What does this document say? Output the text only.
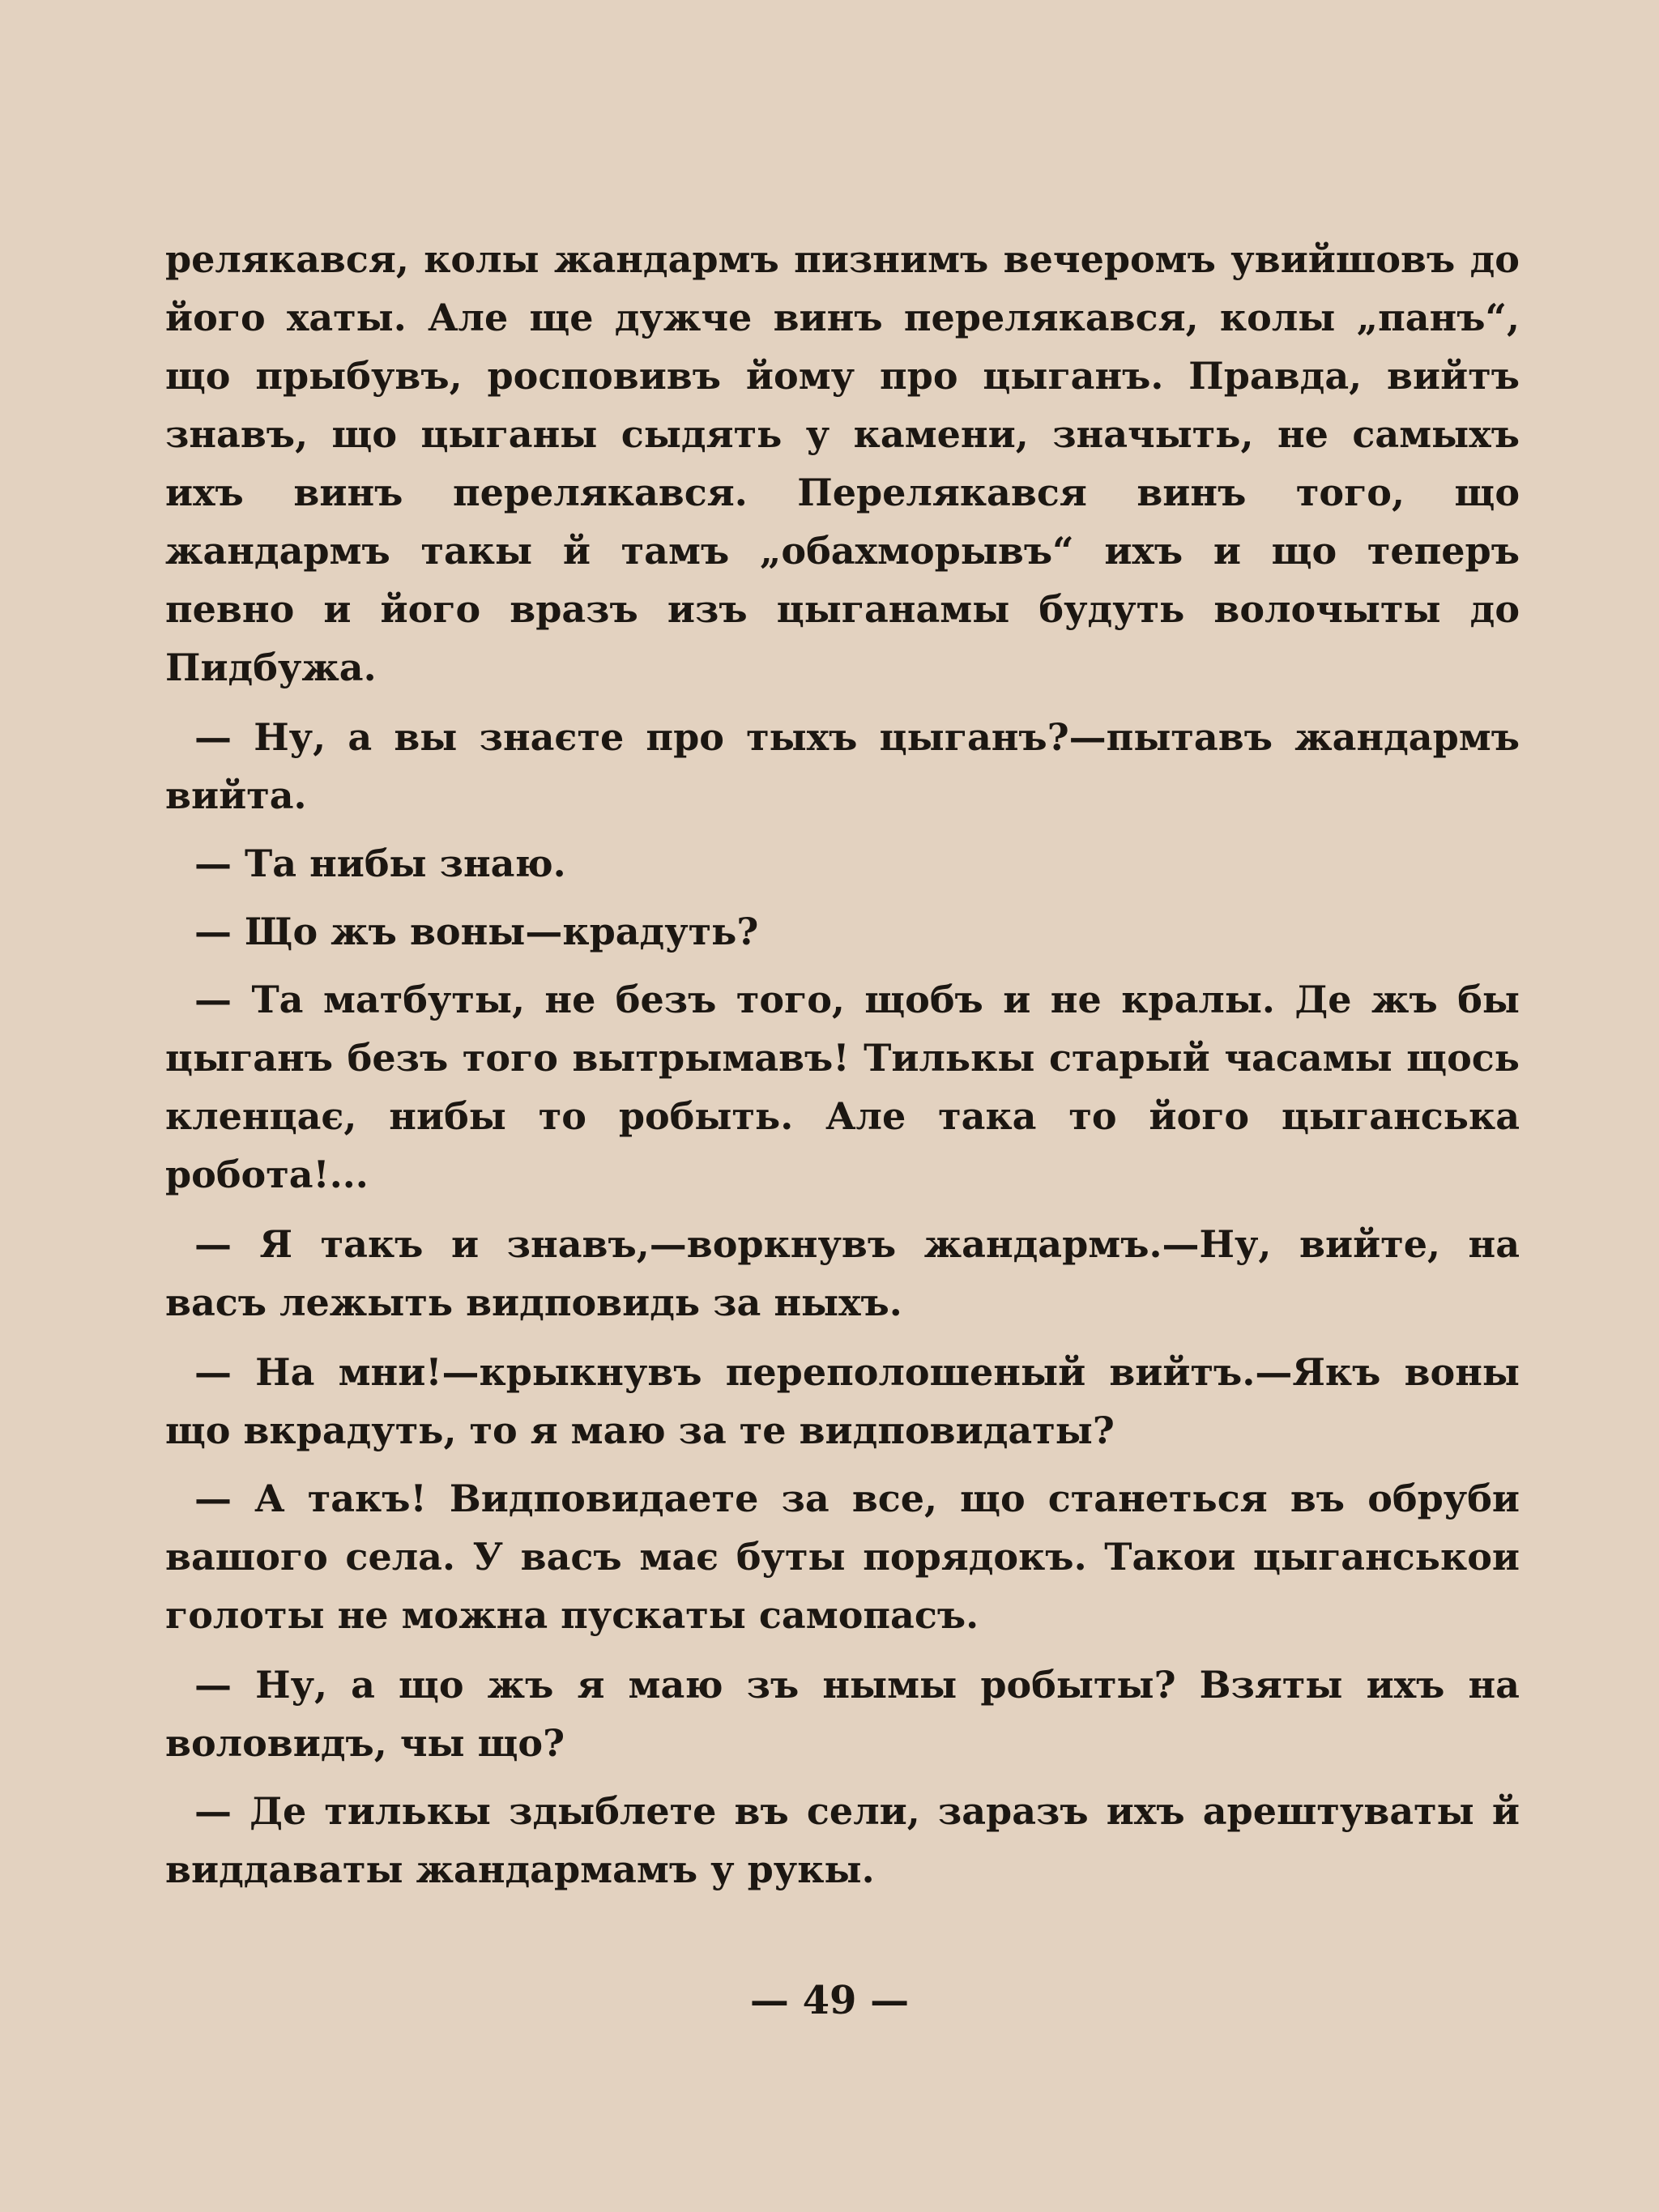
релякався, колы жандармъ пизнимъ вечеромъ увийшовъ до його хаты. Але ще дужче винъ перелякався, колы „панъ“, що прыбувъ, росповивъ йому про цыганъ. Правда, вийтъ знавъ, що цыганы сыдять у камени, значыть, не самыхъ ихъ винъ перелякався. Перелякався винъ того, що жандармъ такы й тамъ „обахморывъ“ ихъ и що теперъ певно и його вразъ изъ цыганамы будуть волочыты до Пидбужа.

— Ну, а вы знаєте про тыхъ цыганъ?—пытавъ жандармъ вийта.

— Та нибы знаю.

— Що жъ воны—крадуть?

— Та матбуты, не безъ того, щобъ и не кралы. Де жъ бы цыганъ безъ того вытрымавъ! Тилькы старый часамы щось кленцає, нибы то робыть. Але така то його цыганська робота!...

— Я такъ и знавъ,—воркнувъ жандармъ.—Ну, вийте, на васъ лежыть видповидь за ныхъ.

— На мни!—крыкнувъ переполошеный вийтъ.—Якъ воны що вкрадуть, то я маю за те видповидаты?

— А такъ! Видповидаете за все, що станеться въ обруби вашого села. У васъ має буты порядокъ. Такои цыганськои голоты не можна пускаты самопасъ.

— Ну, а що жъ я маю зъ нымы робыты? Взяты ихъ на воловидъ, чы що?

— Де тилькы здыблете въ сели, заразъ ихъ арештуваты й виддаваты жандармамъ у рукы.

— 49 —
